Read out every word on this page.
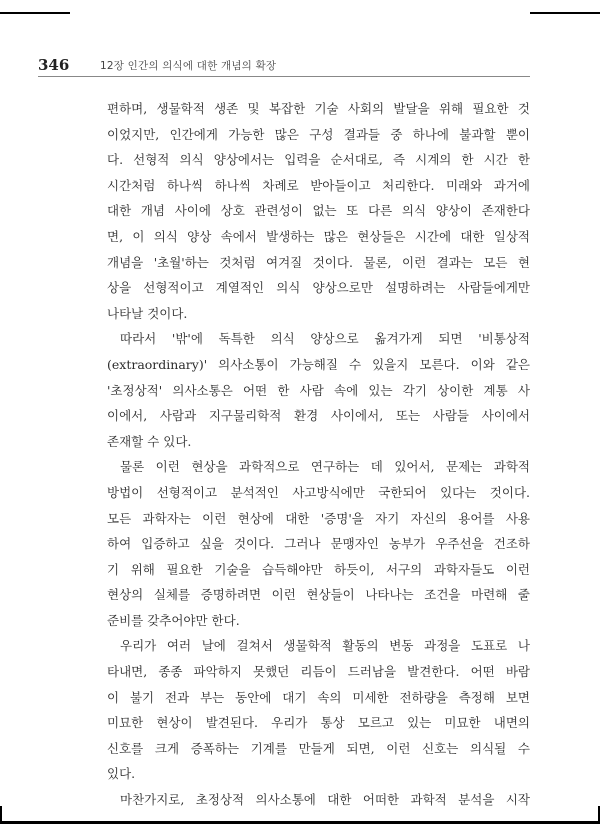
346	12장 인간의 의식에 대한 개념의 확장
편하며, 생물학적 생존 및 복잡한 기술 사회의 발달을 위해 필요한 것
이었지만, 인간에게 가능한 많은 구성 결과들 중 하나에 불과할 뿐이
다. 선형적 의식 양상에서는 입력을 순서대로, 즉 시계의 한 시간 한
시간처럼 하나씩 하나씩 차례로 받아들이고 처리한다. 미래와 과거에
대한 개념 사이에 상호 관련성이 없는 또 다른 의식 양상이 존재한다
면, 이 의식 양상 속에서 발생하는 많은 현상들은 시간에 대한 일상적
개념을 '초월'하는 것처럼 여겨질 것이다. 물론, 이런 결과는 모든 현
상을 선형적이고 계열적인 의식 양상으로만 설명하려는 사람들에게만
나타날 것이다.
따라서 '밖'에 독특한 의식 양상으로 옮겨가게 되면 '비통상적
(extraordinary)' 의사소통이 가능해질 수 있을지 모른다. 이와 같은
'초정상적' 의사소통은 어떤 한 사람 속에 있는 각기 상이한 계통 사
이에서, 사람과 지구물리학적 환경 사이에서, 또는 사람들 사이에서
존재할 수 있다.
물론 이런 현상을 과학적으로 연구하는 데 있어서, 문제는 과학적
방법이 선형적이고 분석적인 사고방식에만 국한되어 있다는 것이다.
모든 과학자는 이런 현상에 대한 '증명'을 자기 자신의 용어를 사용
하여 입증하고 싶을 것이다. 그러나 문맹자인 농부가 우주선을 건조하
기 위해 필요한 기술을 습득해야만 하듯이, 서구의 과학자들도 이런
현상의 실체를 증명하려면 이런 현상들이 나타나는 조건을 마련해 줄
준비를 갖추어야만 한다.
우리가 여러 날에 걸쳐서 생물학적 활동의 변동 과정을 도표로 나
타내면, 종종 파악하지 못했던 리듬이 드러남을 발견한다. 어떤 바람
이 불기 전과 부는 동안에 대기 속의 미세한 전하량을 측정해 보면
미묘한 현상이 발견된다. 우리가 통상 모르고 있는 미묘한 내면의
신호를 크게 증폭하는 기계를 만들게 되면, 이런 신호는 의식될 수
있다.
마찬가지로, 초정상적 의사소통에 대한 어떠한 과학적 분석을 시작
